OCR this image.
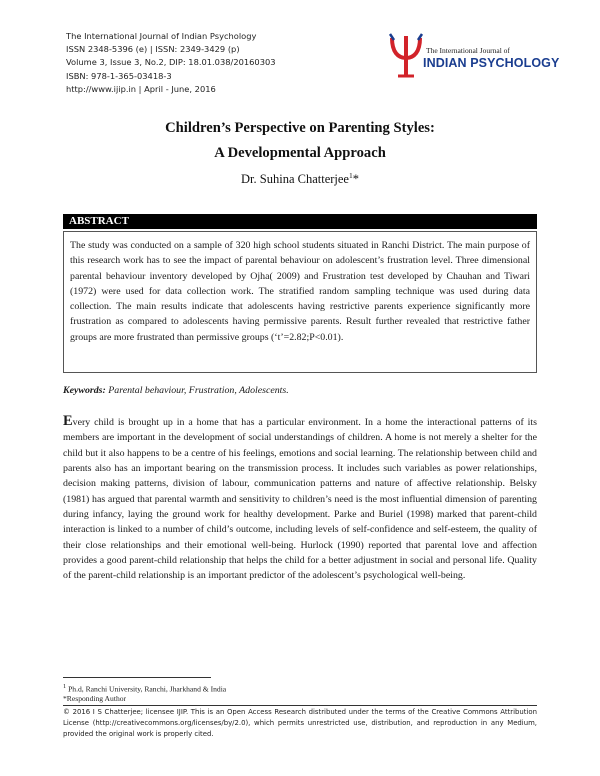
The International Journal of Indian Psychology
ISSN 2348-5396 (e) | ISSN: 2349-3429 (p)
Volume 3, Issue 3, No.2, DIP: 18.01.038/20160303
ISBN: 978-1-365-03418-3
http://www.ijip.in | April - June, 2016
The International Journal of
INDIAN PSYCHOLOGY
Children’s Perspective on Parenting Styles:
A Developmental Approach
Dr. Suhina Chatterjee$^1$*
ABSTRACT
The study was conducted on a sample of 320 high school students situated in Ranchi District. The main purpose of this research work has to see the impact of parental behaviour on adolescent’s frustration level. Three dimensional parental behaviour inventory developed by Ojha( 2009) and Frustration test developed by Chauhan and Tiwari (1972) were used for data collection work. The stratified random sampling technique was used during data collection. The main results indicate that adolescents having restrictive parents experience significantly more frustration as compared to adolescents having permissive parents. Result further revealed that restrictive father groups are more frustrated than permissive groups (‘t’=2.82;P<0.01).
Keywords: Parental behaviour, Frustration, Adolescents.
Every child is brought up in a home that has a particular environment. In a home the interactional patterns of its members are important in the development of social understandings of children. A home is not merely a shelter for the child but it also happens to be a centre of his feelings, emotions and social learning. The relationship between child and parents also has an important bearing on the transmission process. It includes such variables as power relationships, decision making patterns, division of labour, communication patterns and nature of affective relationship. Belsky (1981) has argued that parental warmth and sensitivity to children’s need is the most influential dimension of parenting during infancy, laying the ground work for healthy development. Parke and Buriel (1998) marked that parent-child interaction is linked to a number of child’s outcome, including levels of self-confidence and self-esteem, the quality of their close relationships and their emotional well-being. Hurlock (1990) reported that parental love and affection provides a good parent-child relationship that helps the child for a better adjustment in social and personal life. Quality of the parent-child relationship is an important predictor of the adolescent’s psychological well-being.
$^1$ Ph.d, Ranchi University, Ranchi, Jharkhand & India
*Responding Author
© 2016 I S Chatterjee; licensee IJIP. This is an Open Access Research distributed under the terms of the Creative Commons Attribution License (http://creativecommons.org/licenses/by/2.0), which permits unrestricted use, distribution, and reproduction in any Medium, provided the original work is properly cited.
